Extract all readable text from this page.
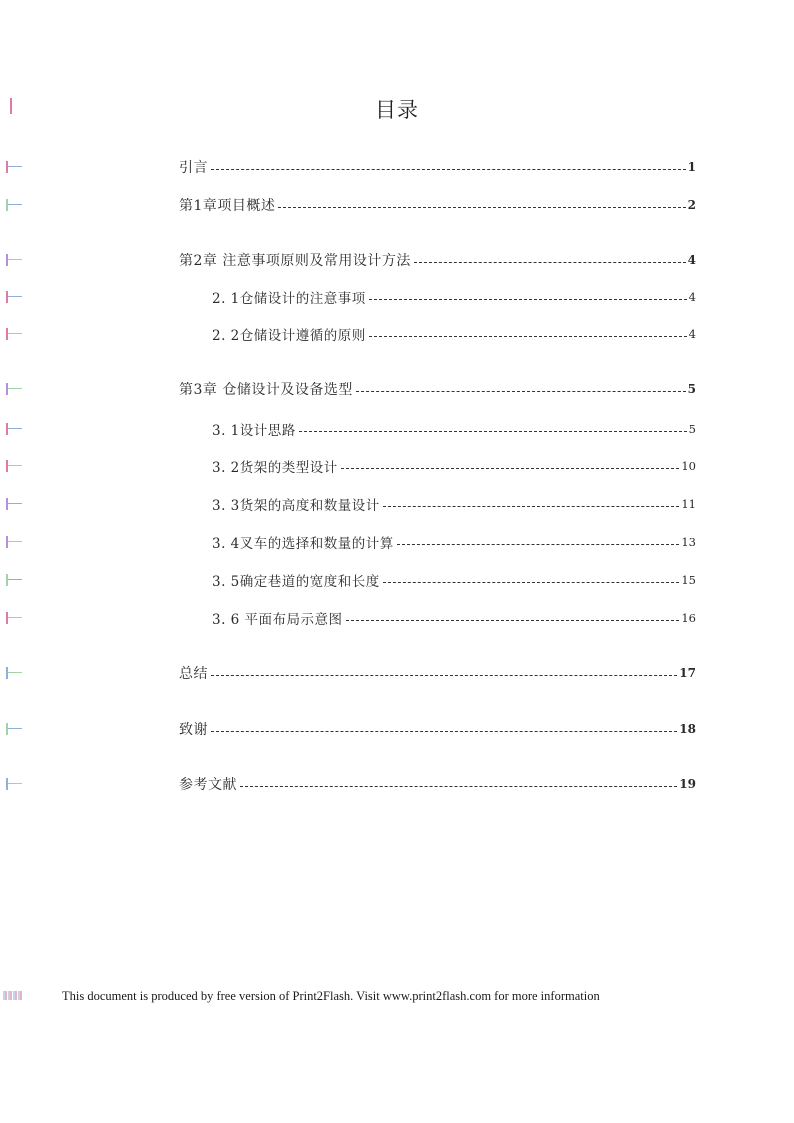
目录
引言	1
第1章项目概述	2
第2章 注意事项原则及常用设计方法	4
2. 1仓储设计的注意事项	4
2. 2仓储设计遵循的原则	4
第3章 仓储设计及设备选型	5
3. 1设计思路	5
3. 2货架的类型设计	10
3. 3货架的高度和数量设计	11
3. 4叉车的选择和数量的计算	13
3. 5确定巷道的宽度和长度	15
3. 6 平面布局示意图	16
总结	17
致谢	18
参考文献	19
This document is produced by free version of Print2Flash. Visit www.print2flash.com for more information
